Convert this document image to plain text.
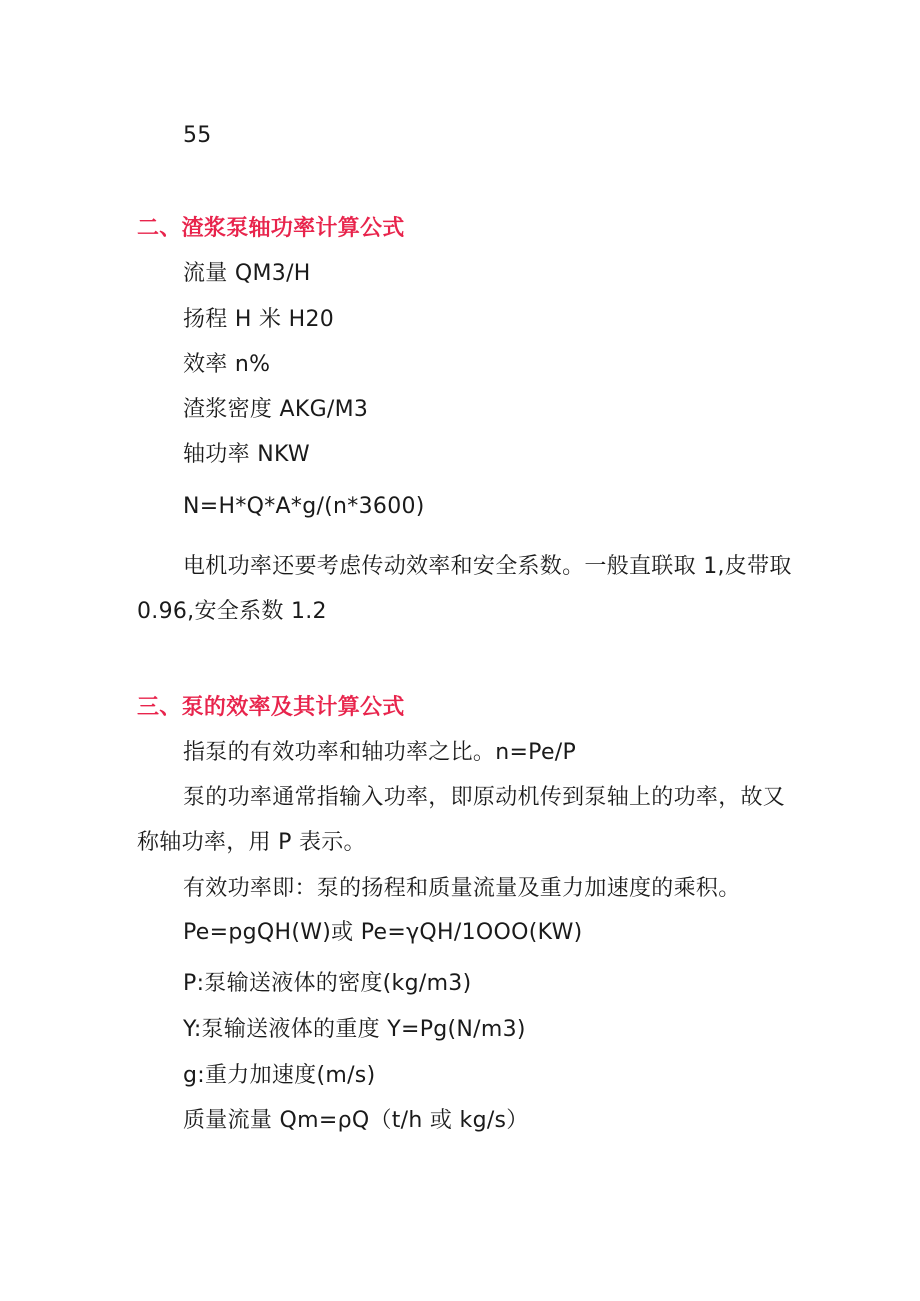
55
二、渣浆泵轴功率计算公式
流量 QM3/H
扬程 H 米 H20
效率 n%
渣浆密度 AKG/M3
轴功率 NKW
N=H*Q*A*g/(n*3600)
电机功率还要考虑传动效率和安全系数。一般直联取 1,皮带取
0.96,安全系数 1.2
三、泵的效率及其计算公式
指泵的有效功率和轴功率之比。n=Pe/P
泵的功率通常指输入功率，即原动机传到泵轴上的功率，故又
称轴功率，用 P 表示。
有效功率即：泵的扬程和质量流量及重力加速度的乘积。
Pe=pgQH(W)或 Pe=γQH/1OOO(KW)
P:泵输送液体的密度(kg/m3)
Y:泵输送液体的重度 Y=Pg(N/m3)
g:重力加速度(m/s)
质量流量 Qm=ρQ（t/h 或 kg/s）
